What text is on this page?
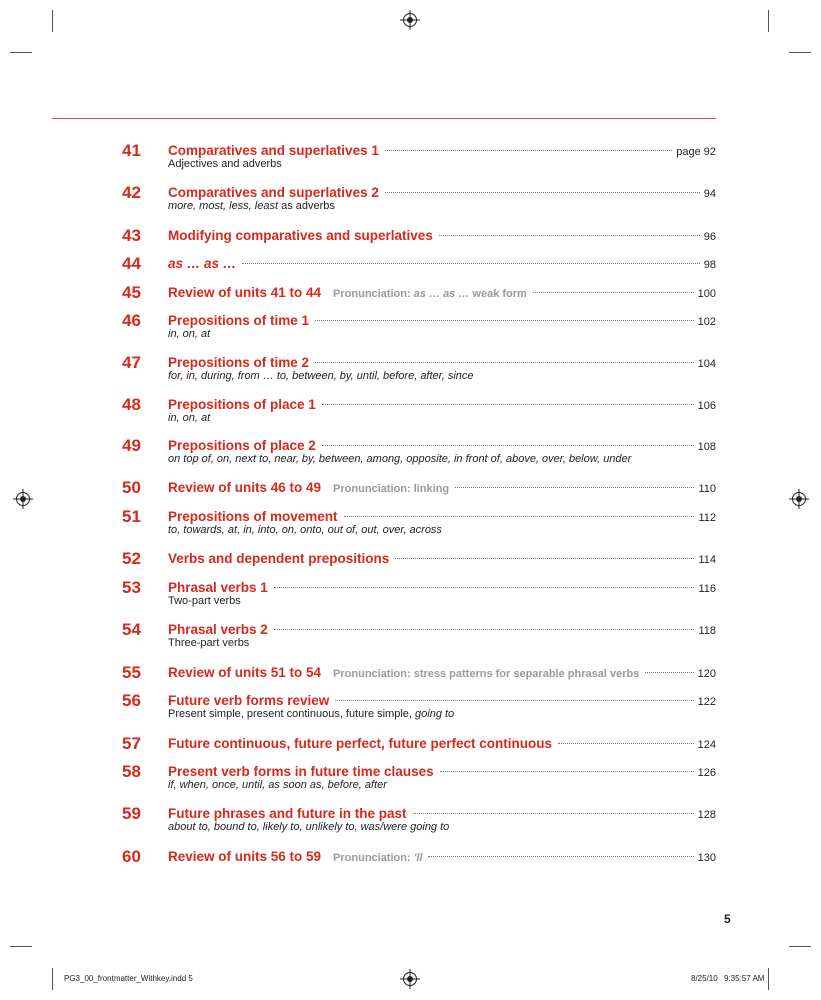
41 Comparatives and superlatives 1	page 92
Adjectives and adverbs
42 Comparatives and superlatives 2	94
more, most, less, least as adverbs
43 Modifying comparatives and superlatives	96
44 as … as …	98
45 Review of units 41 to 44 Pronunciation: as … as … weak form	100
46 Prepositions of time 1	102
in, on, at
47 Prepositions of time 2	104
for, in, during, from … to, between, by, until, before, after, since
48 Prepositions of place 1	106
in, on, at
49 Prepositions of place 2	108
on top of, on, next to, near, by, between, among, opposite, in front of, above, over, below, under
50 Review of units 46 to 49 Pronunciation: linking	110
51 Prepositions of movement	112
to, towards, at, in, into, on, onto, out of, out, over, across
52 Verbs and dependent prepositions	114
53 Phrasal verbs 1	116
Two-part verbs
54 Phrasal verbs 2	118
Three-part verbs
55 Review of units 51 to 54 Pronunciation: stress patterns for separable phrasal verbs	120
56 Future verb forms review	122
Present simple, present continuous, future simple, going to
57 Future continuous, future perfect, future perfect continuous	124
58 Present verb forms in future time clauses	126
if, when, once, until, as soon as, before, after
59 Future phrases and future in the past	128
about to, bound to, likely to, unlikely to, was/were going to
60 Review of units 56 to 59 Pronunciation: 'll	130
5
PG3_00_frontmatter_Withkey.indd 5	8/25/10 9:35:57 AM
